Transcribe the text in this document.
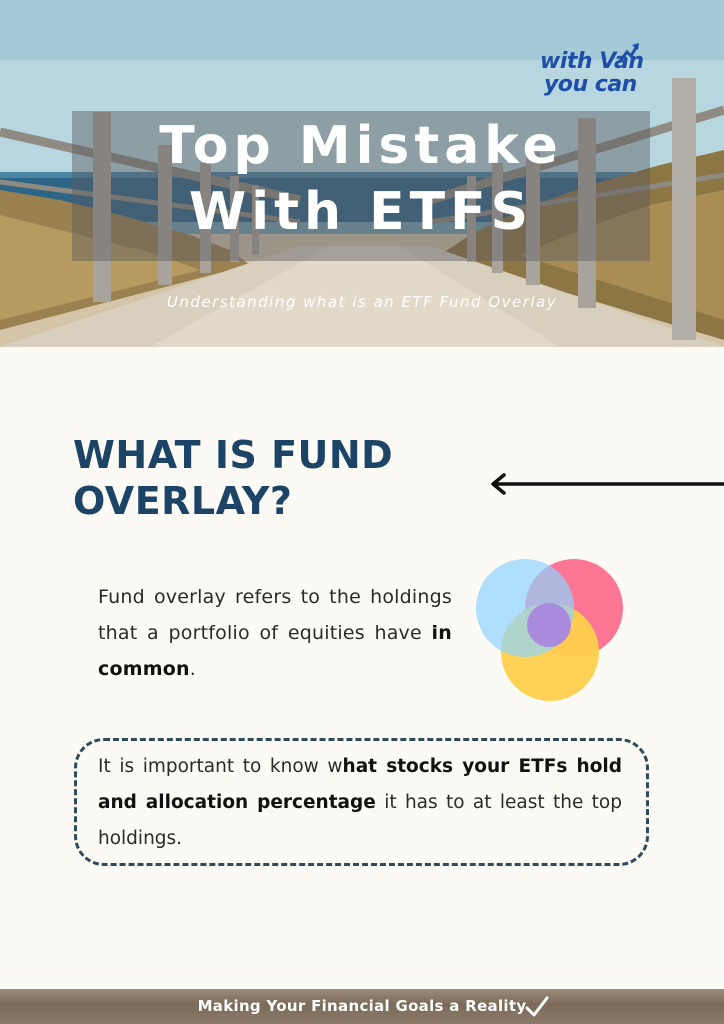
Top Mistake
With ETFS
Understanding what is an ETF Fund Overlay
with Van
you can
WHAT IS FUND
OVERLAY?
Fund overlay refers to the holdings that a portfolio of equities have in common.
It is important to know what stocks your ETFs hold and allocation percentage it has to at least the top holdings.
Making Your Financial Goals a Reality
